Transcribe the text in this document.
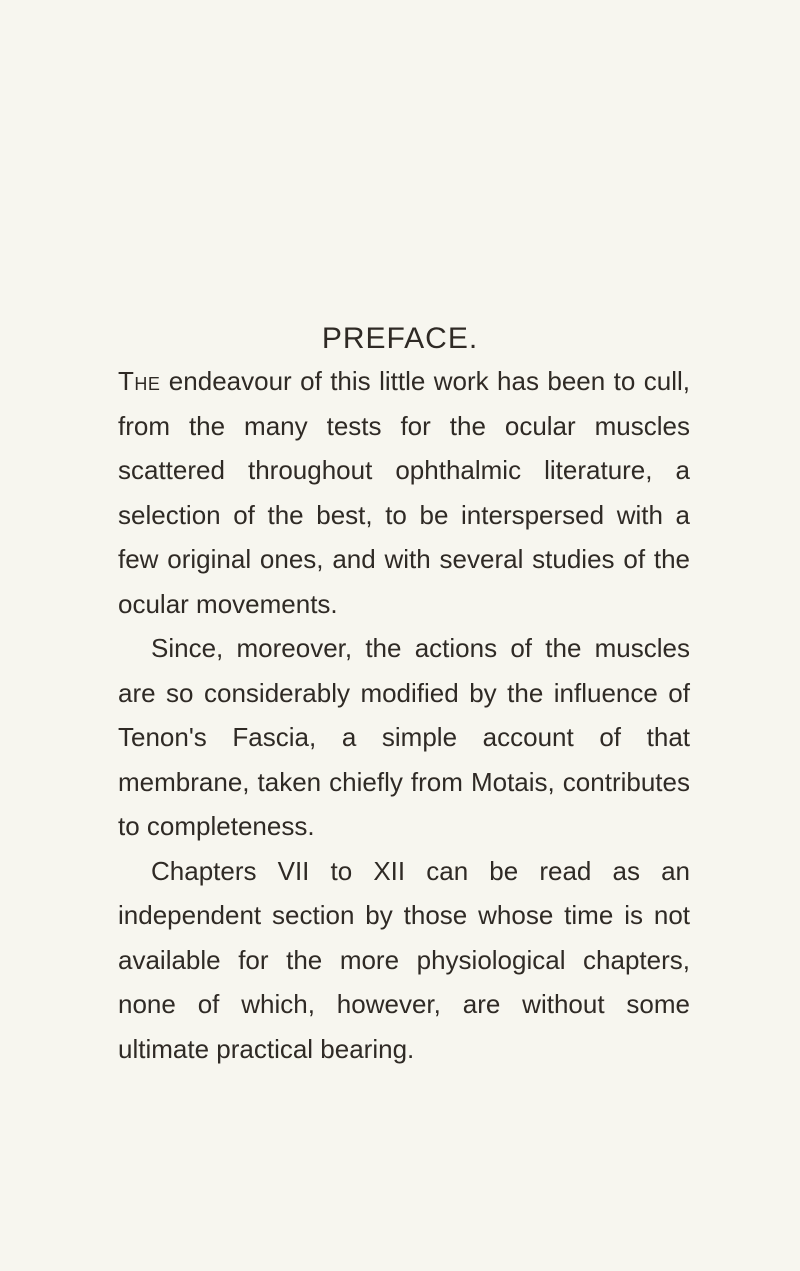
PREFACE.

The endeavour of this little work has been to cull, from the many tests for the ocular muscles scattered throughout ophthalmic literature, a selection of the best, to be interspersed with a few original ones, and with several studies of the ocular movements.

Since, moreover, the actions of the muscles are so considerably modified by the influence of Tenon's Fascia, a simple account of that membrane, taken chiefly from Motais, contributes to completeness.

Chapters VII to XII can be read as an independent section by those whose time is not available for the more physiological chapters, none of which, however, are without some ultimate practical bearing.
